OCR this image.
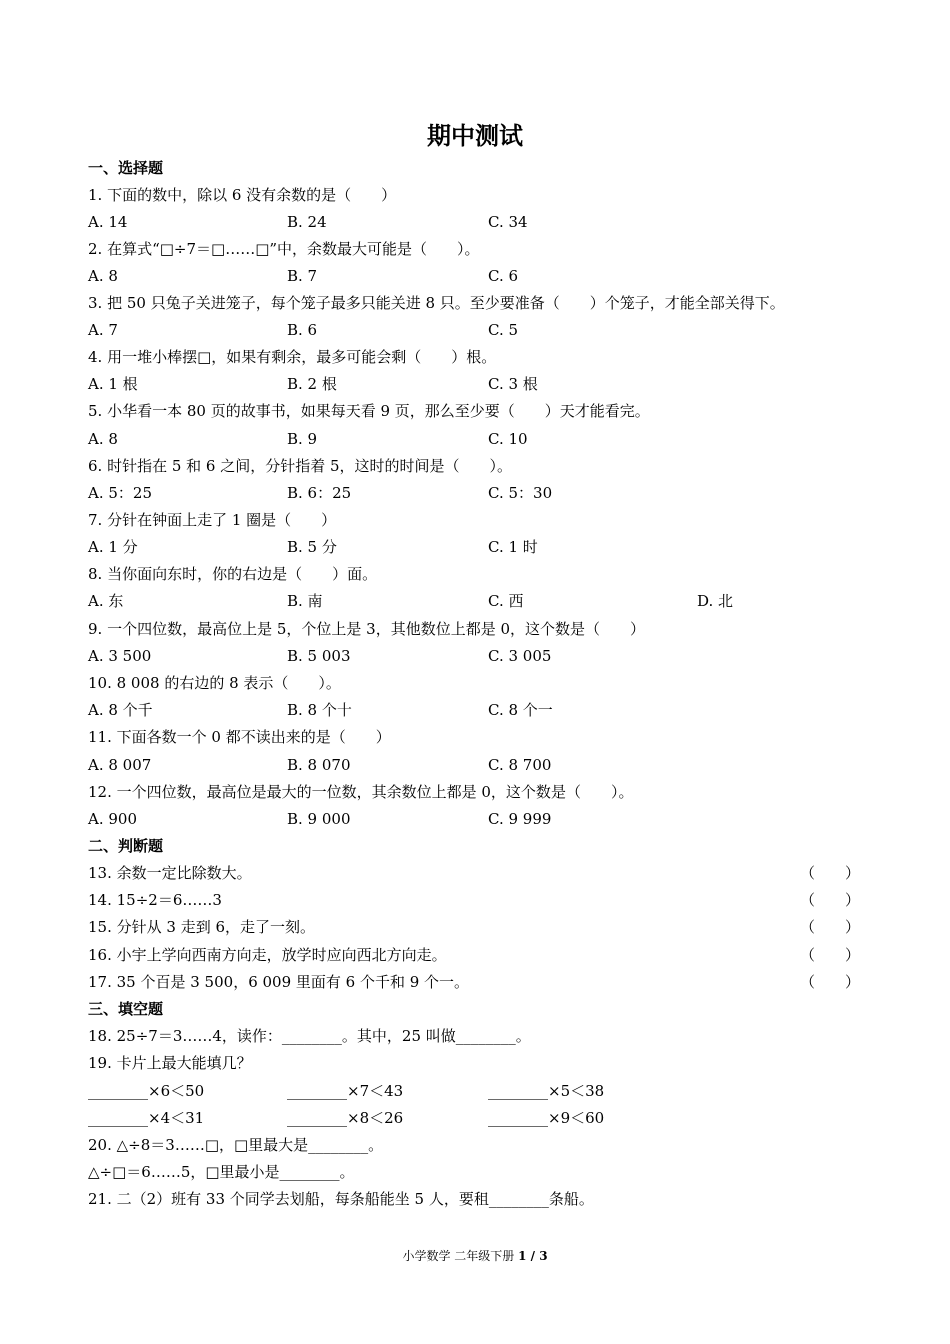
期中测试
一、选择题
1. 下面的数中，除以 6 没有余数的是（　　）
A. 14	B. 24	C. 34
2. 在算式“□÷7＝□……□”中，余数最大可能是（　　）。
A. 8	B. 7	C. 6
3. 把 50 只兔子关进笼子，每个笼子最多只能关进 8 只。至少要准备（　　）个笼子，才能全部关得下。
A. 7	B. 6	C. 5
4. 用一堆小棒摆□，如果有剩余，最多可能会剩（　　）根。
A. 1 根	B. 2 根	C. 3 根
5. 小华看一本 80 页的故事书，如果每天看 9 页，那么至少要（　　）天才能看完。
A. 8	B. 9	C. 10
6. 时针指在 5 和 6 之间，分针指着 5，这时的时间是（　　）。
A. 5：25	B. 6：25	C. 5：30
7. 分针在钟面上走了 1 圈是（　　）
A. 1 分	B. 5 分	C. 1 时
8. 当你面向东时，你的右边是（　　）面。
A. 东	B. 南	C. 西	D. 北
9. 一个四位数，最高位上是 5，个位上是 3，其他数位上都是 0，这个数是（　　）
A. 3 500	B. 5 003	C. 3 005
10. 8 008 的右边的 8 表示（　　）。
A. 8 个千	B. 8 个十	C. 8 个一
11. 下面各数一个 0 都不读出来的是（　　）
A. 8 007	B. 8 070	C. 8 700
12. 一个四位数，最高位是最大的一位数，其余数位上都是 0，这个数是（　　）。
A. 900	B. 9 000	C. 9 999
二、判断题
13. 余数一定比除数大。	（　　）
14. 15÷2＝6……3	（　　）
15. 分针从 3 走到 6，走了一刻。	（　　）
16. 小宇上学向西南方向走，放学时应向西北方向走。	（　　）
17. 35 个百是 3 500，6 009 里面有 6 个千和 9 个一。	（　　）
三、填空题
18. 25÷7＝3……4，读作：________。其中，25 叫做________。
19. 卡片上最大能填几？
________×6＜50	________×7＜43	________×5＜38
________×4＜31	________×8＜26	________×9＜60
20. △÷8＝3……□，□里最大是________。
△÷□＝6……5，□里最小是________。
21. 二（2）班有 33 个同学去划船，每条船能坐 5 人，要租________条船。
小学数学 二年级下册 1 / 3
